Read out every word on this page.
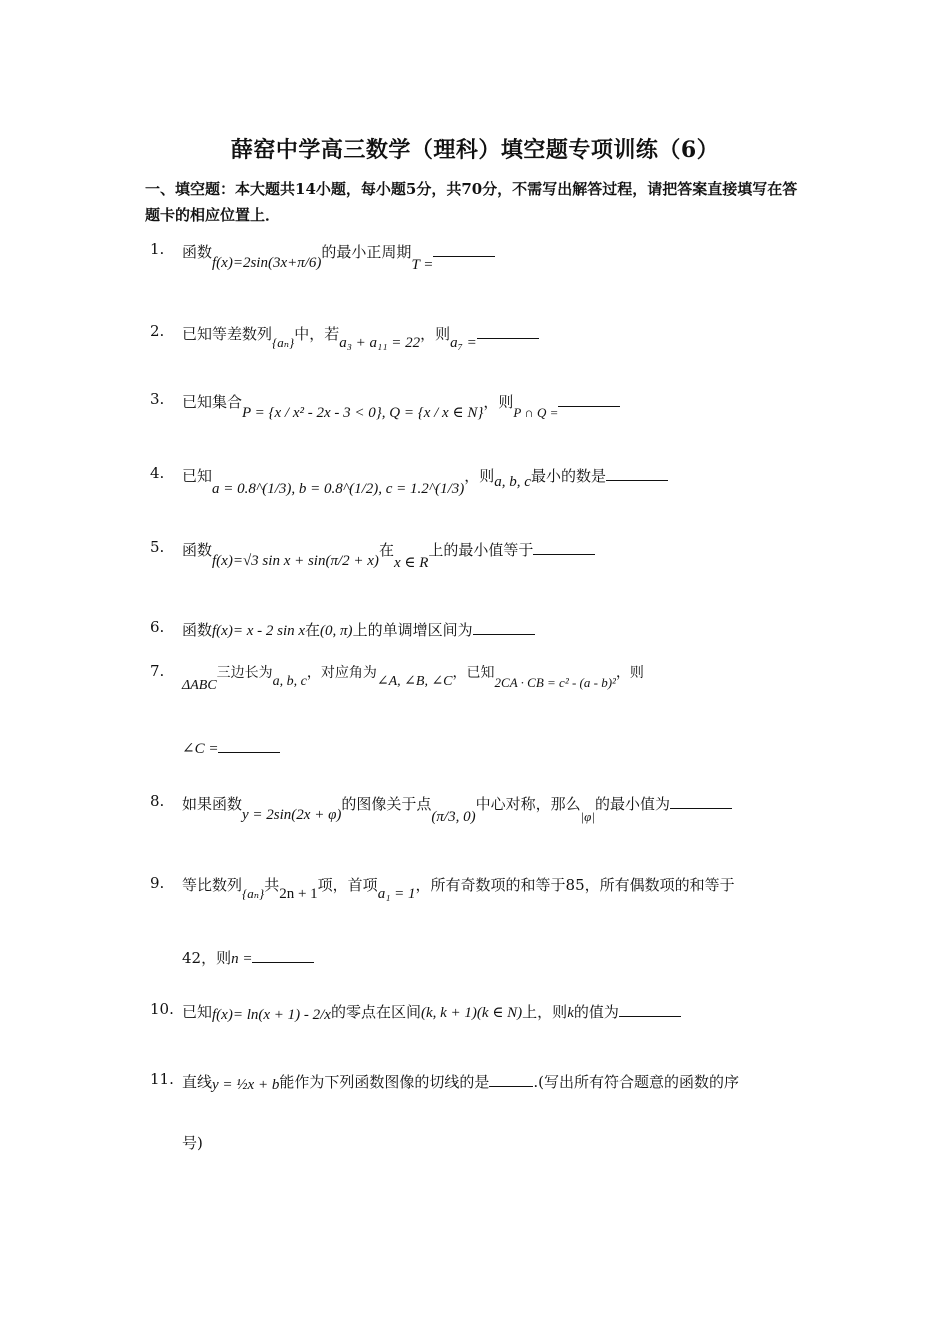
薛窑中学高三数学（理科）填空题专项训练（6）
一、填空题：本大题共14小题，每小题5分，共70分，不需写出解答过程，请把答案直接填写在答题卡的相应位置上．
1.	函数f(x)=2sin(3x+π/6)的最小正周期T =
2.	已知等差数列{aₙ}中，若a₃ + a₁₁ = 22，则a₇ =
3.	已知集合P = {x / x² - 2x - 3 < 0}, Q = {x / x ∈ N}，则P ∩ Q =
4.	已知a = 0.8^(1/3), b = 0.8^(1/2), c = 1.2^(1/3)，则a, b, c最小的数是
5.	函数f(x)=√3 sin x + sin(π/2 + x)在x ∈ R上的最小值等于
6.	函数f(x)= x - 2 sin x在(0, π)上的单调增区间为
7.
ΔABC三边长为a, b, c，对应角为∠A, ∠B, ∠C，已知2CA · CB = c² - (a - b)²，则
∠C =
8.	如果函数y = 2sin(2x + φ)的图像关于点(π/3, 0)中心对称，那么|φ|的最小值为
9.	等比数列{aₙ}共2n + 1项，首项a₁ = 1，所有奇数项的和等于85，所有偶数项的和等于
42，则n =
10. 已知f(x)= ln(x + 1) - 2/x的零点在区间(k, k + 1)(k ∈ N)上，则k的值为
11. 直线y = ½x + b能作为下列函数图像的切线的是	.(写出所有符合题意的函数的序
号)
